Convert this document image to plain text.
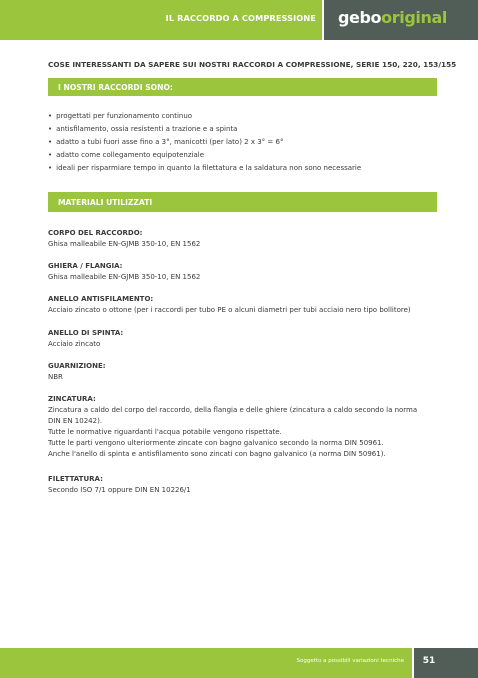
IL RACCORDO A COMPRESSIONE gebooriginal
COSE INTERESSANTI DA SAPERE SUI NOSTRI RACCORDI A COMPRESSIONE, SERIE 150, 220, 153/155
I NOSTRI RACCORDI SONO:
• progettati per funzionamento continuo
• antisfilamento, ossia resistenti a trazione e a spinta
• adatto a tubi fuori asse fino a 3°, manicotti (per lato) 2 x 3° = 6°
• adatto come collegamento equipotenziale
• ideali per risparmiare tempo in quanto la filettatura e la saldatura non sono necessarie
MATERIALI UTILIZZATI
CORPO DEL RACCORDO:
Ghisa malleabile EN-GJMB 350-10, EN 1562
GHIERA / FLANGIA:
Ghisa malleabile EN-GJMB 350-10, EN 1562
ANELLO ANTISFILAMENTO:
Acciaio zincato o ottone (per i raccordi per tubo PE o alcuni diametri per tubi acciaio nero tipo bollitore)
ANELLO DI SPINTA:
Acciaio zincato
GUARNIZIONE:
NBR
ZINCATURA:
Zincatura a caldo del corpo del raccordo, della flangia e delle ghiere (zincatura a caldo secondo la norma
DIN EN 10242).
Tutte le normative riguardanti l'acqua potabile vengono rispettate.
Tutte le parti vengono ulteriormente zincate con bagno galvanico secondo la norma DIN 50961.
Anche l'anello di spinta e antisfilamento sono zincati con bagno galvanico (a norma DIN 50961).
FILETTATURA:
Secondo ISO 7/1 oppure DIN EN 10226/1
Soggetto a possibili variazioni tecniche	51
